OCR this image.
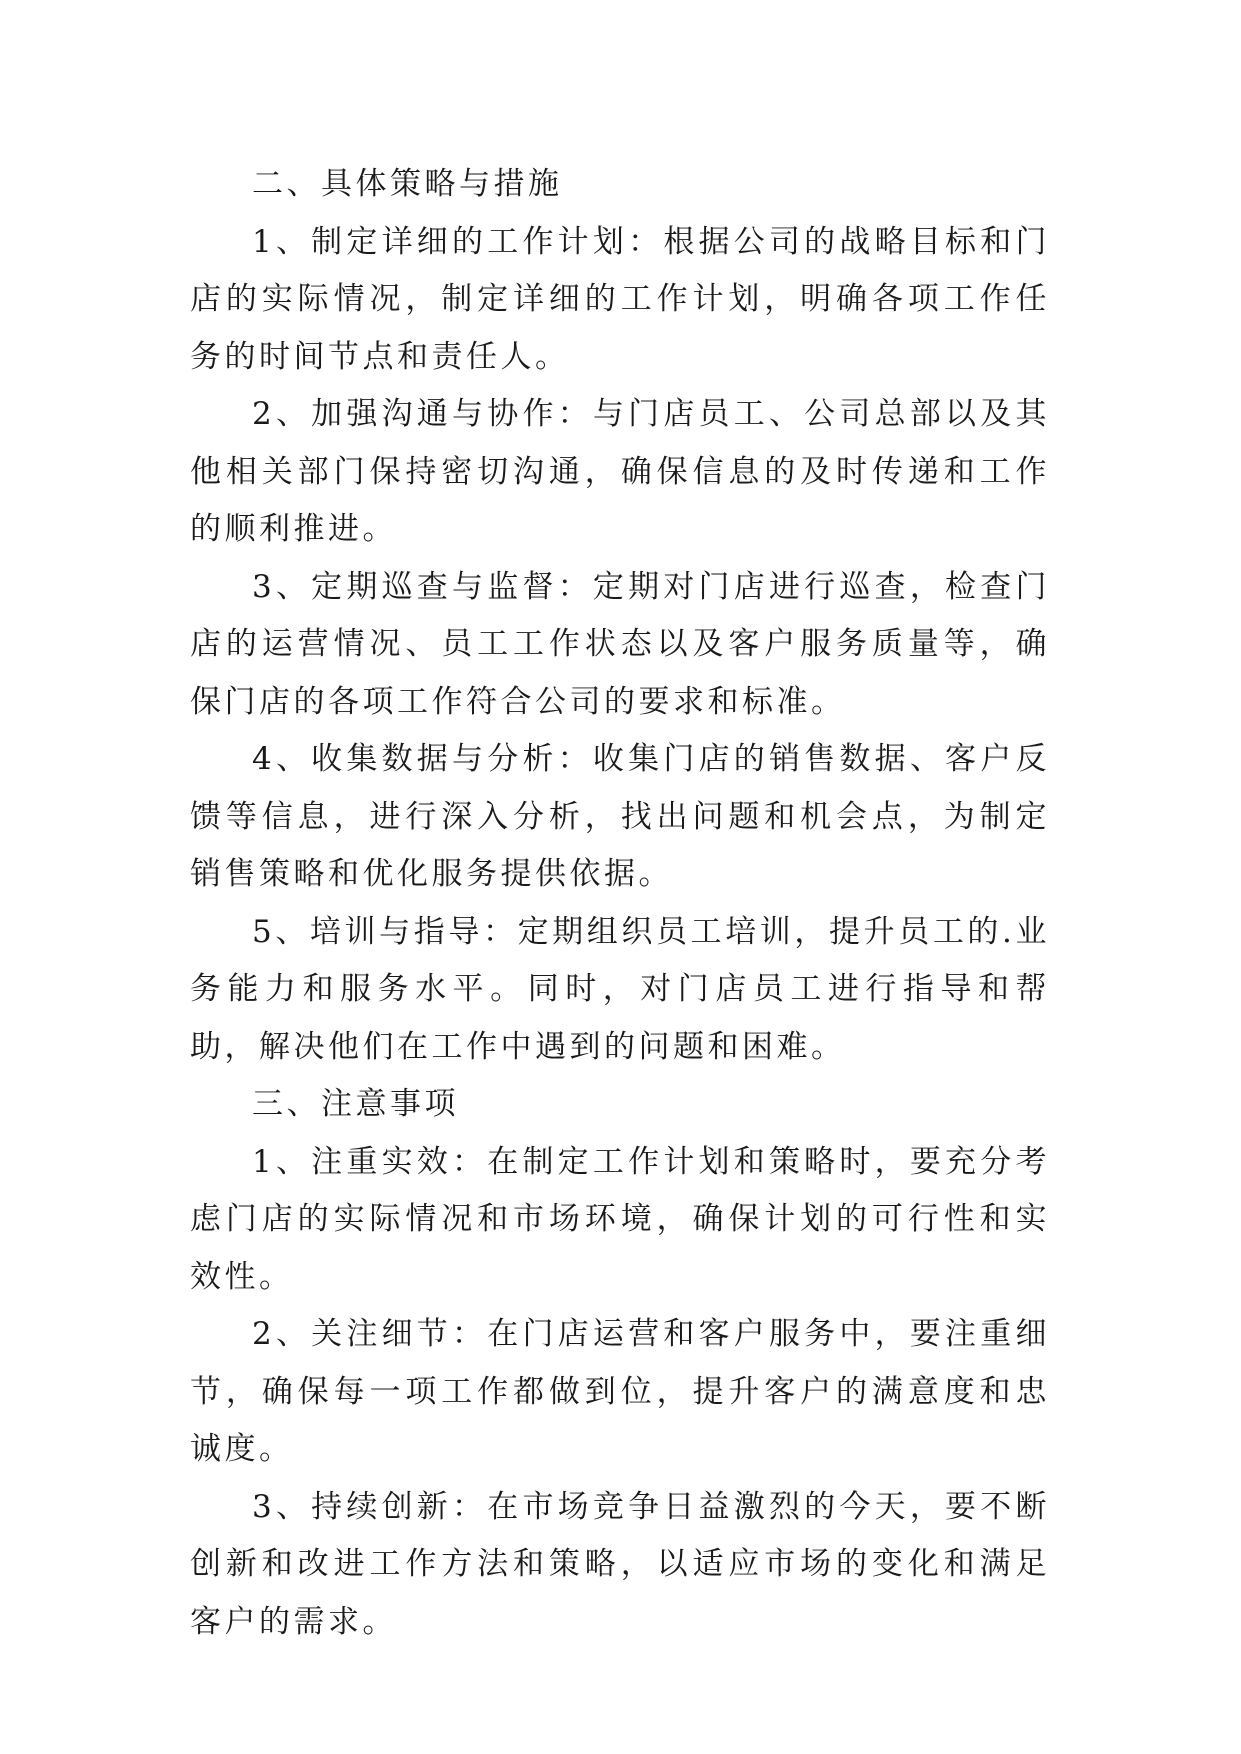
二、具体策略与措施

1、制定详细的工作计划：根据公司的战略目标和门店的实际情况，制定详细的工作计划，明确各项工作任务的时间节点和责任人。

2、加强沟通与协作：与门店员工、公司总部以及其他相关部门保持密切沟通，确保信息的及时传递和工作的顺利推进。

3、定期巡查与监督：定期对门店进行巡查，检查门店的运营情况、员工工作状态以及客户服务质量等，确保门店的各项工作符合公司的要求和标准。

4、收集数据与分析：收集门店的销售数据、客户反馈等信息，进行深入分析，找出问题和机会点，为制定销售策略和优化服务提供依据。

5、培训与指导：定期组织员工培训，提升员工的.业务能力和服务水平。同时，对门店员工进行指导和帮助，解决他们在工作中遇到的问题和困难。

三、注意事项

1、注重实效：在制定工作计划和策略时，要充分考虑门店的实际情况和市场环境，确保计划的可行性和实效性。

2、关注细节：在门店运营和客户服务中，要注重细节，确保每一项工作都做到位，提升客户的满意度和忠诚度。

3、持续创新：在市场竞争日益激烈的今天，要不断创新和改进工作方法和策略，以适应市场的变化和满足客户的需求。
